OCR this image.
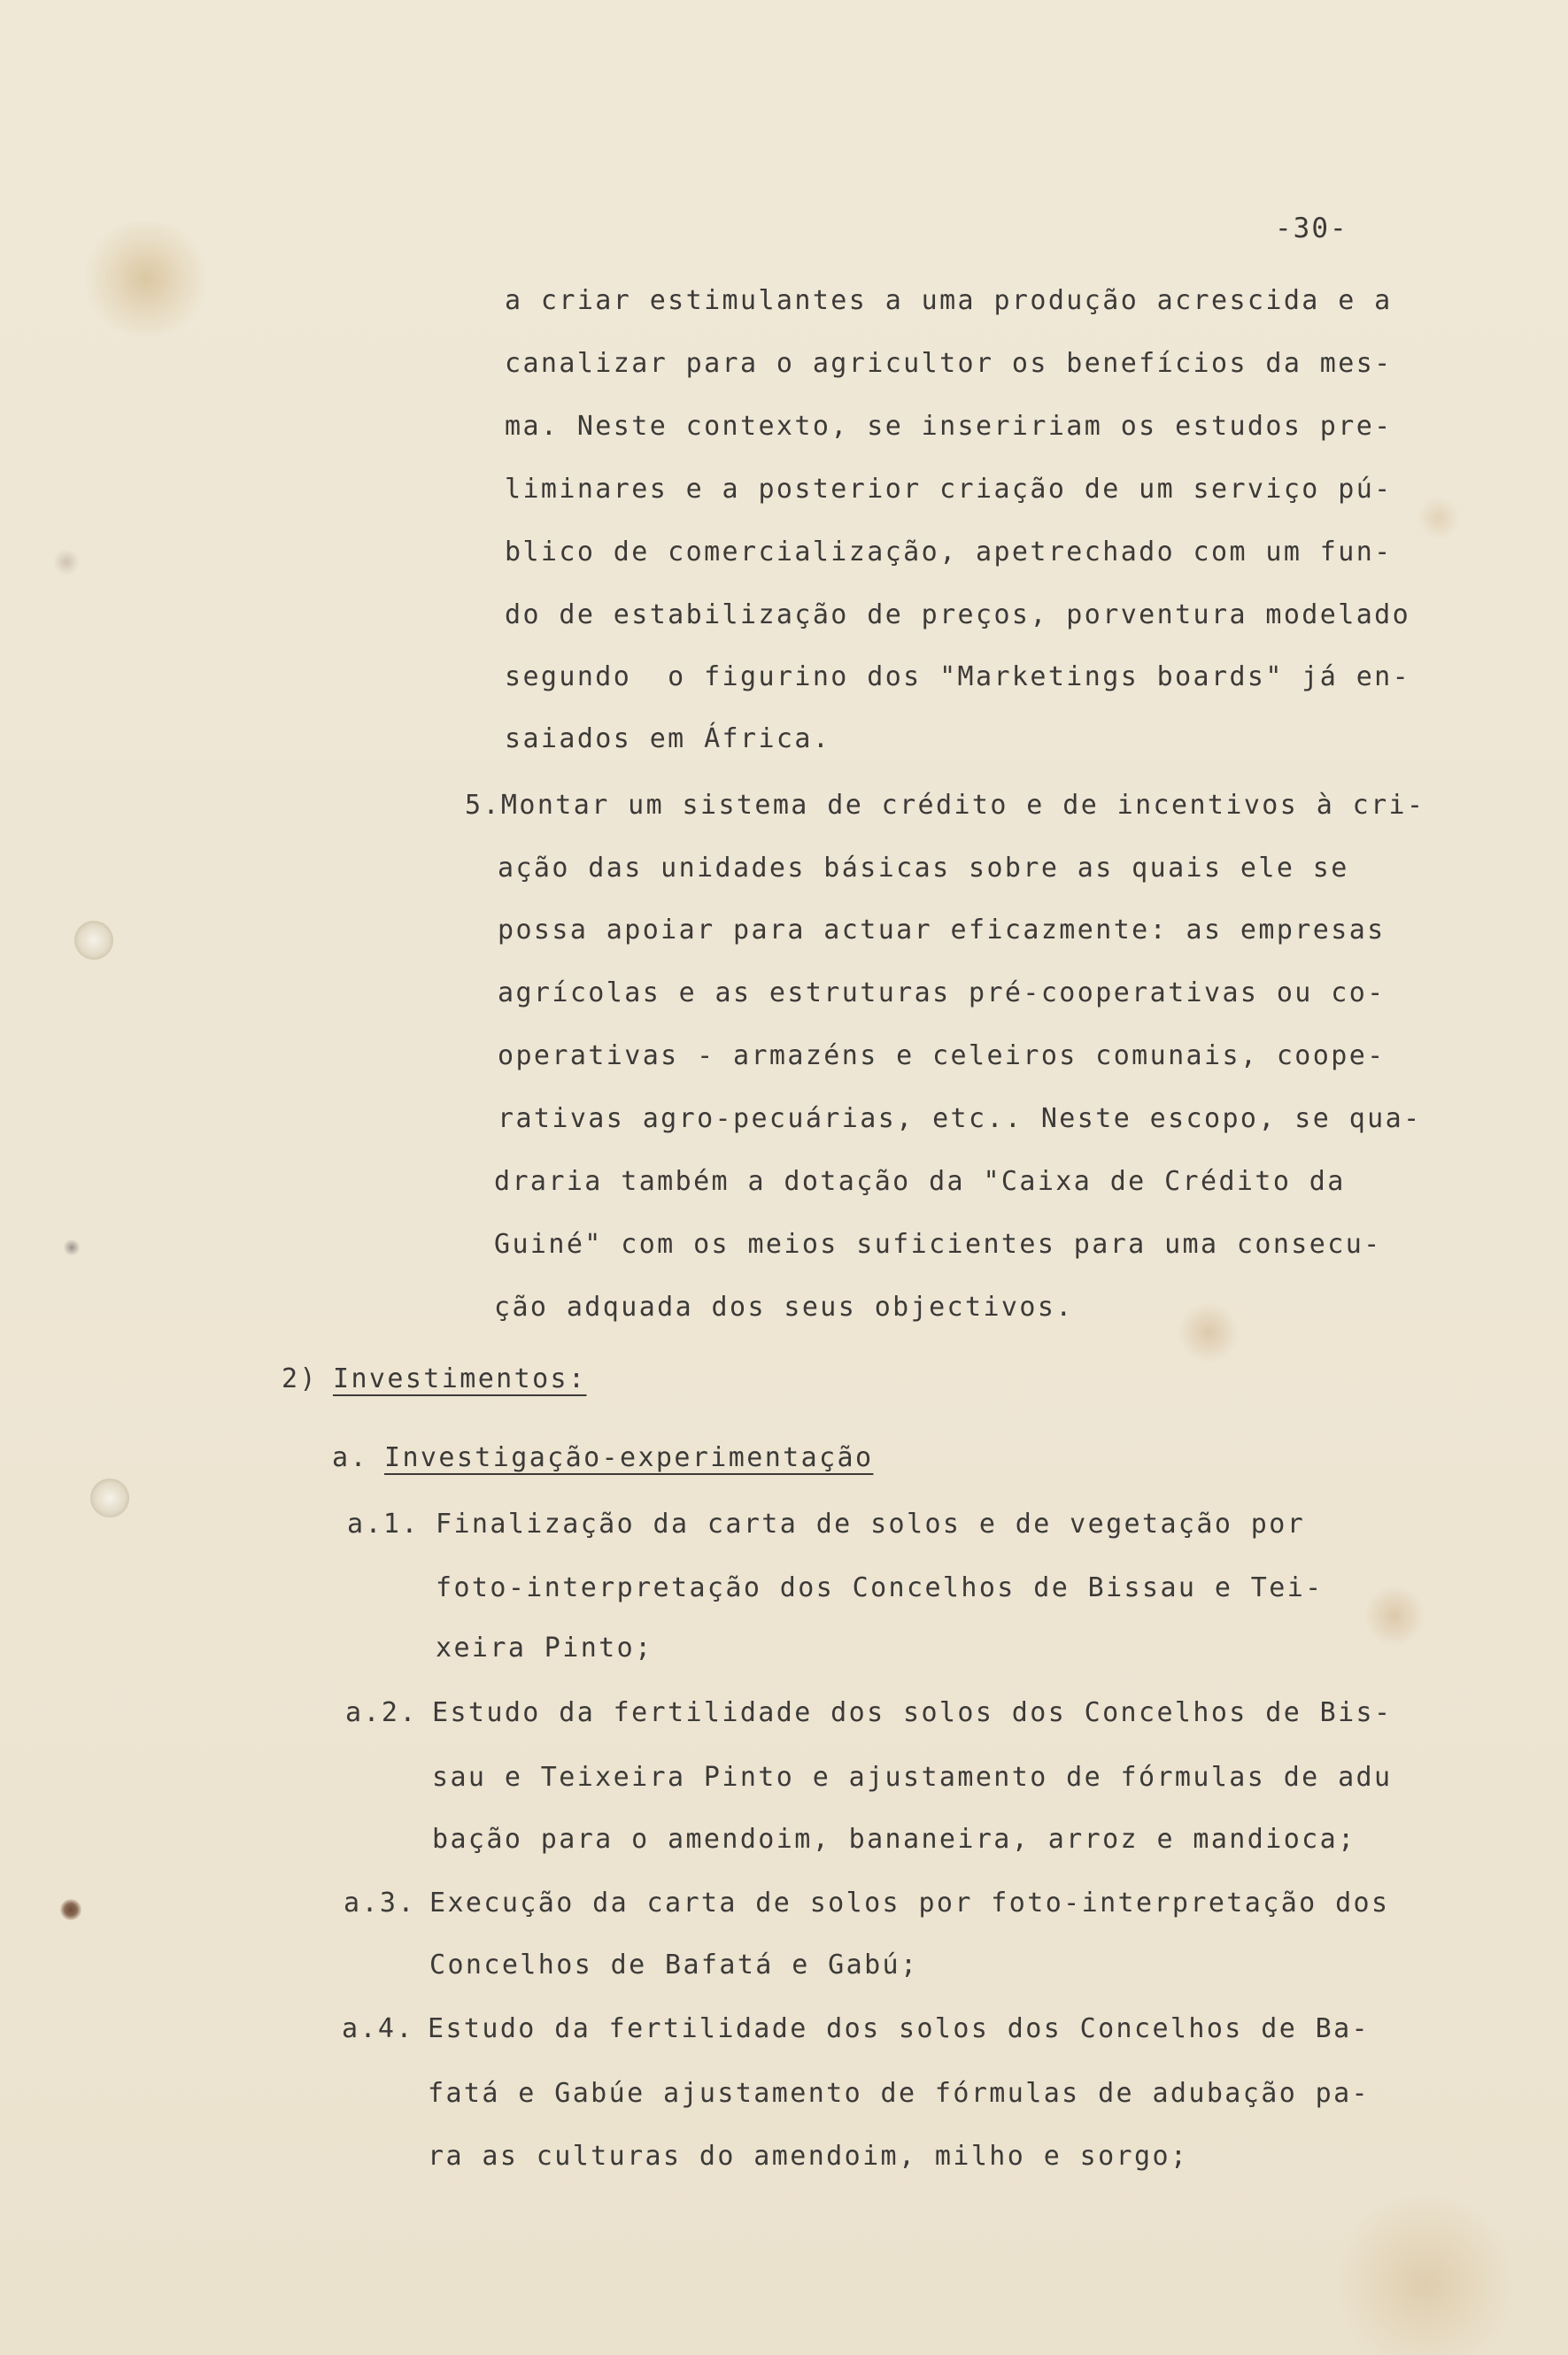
-30-
a criar estimulantes a uma produção acrescida e a
canalizar para o agricultor os benefícios da mes-
ma. Neste contexto, se inseririam os estudos pre-
liminares e a posterior criação de um serviço pú-
blico de comercialização, apetrechado com um fun-
do de estabilização de preços, porventura modelado
segundo  o figurino dos "Marketings boards" já en-
saiados em África.
5.Montar um sistema de crédito e de incentivos à cri-
ação das unidades básicas sobre as quais ele se
possa apoiar para actuar eficazmente: as empresas
agrícolas e as estruturas pré-cooperativas ou co-
operativas - armazéns e celeiros comunais, coope-
rativas agro-pecuárias, etc.. Neste escopo, se qua-
draria também a dotação da "Caixa de Crédito da
Guiné" com os meios suficientes para uma consecu-
ção adquada dos seus objectivos.
2) Investimentos:
a. Investigação-experimentação
a.1. Finalização da carta de solos e de vegetação por
foto-interpretação dos Concelhos de Bissau e Tei-
xeira Pinto;
a.2. Estudo da fertilidade dos solos dos Concelhos de Bis-
sau e Teixeira Pinto e ajustamento de fórmulas de adu
bação para o amendoim, bananeira, arroz e mandioca;
a.3. Execução da carta de solos por foto-interpretação dos
Concelhos de Bafatá e Gabú;
a.4. Estudo da fertilidade dos solos dos Concelhos de Ba-
fatá e Gabúe ajustamento de fórmulas de adubação pa-
ra as culturas do amendoim, milho e sorgo;
